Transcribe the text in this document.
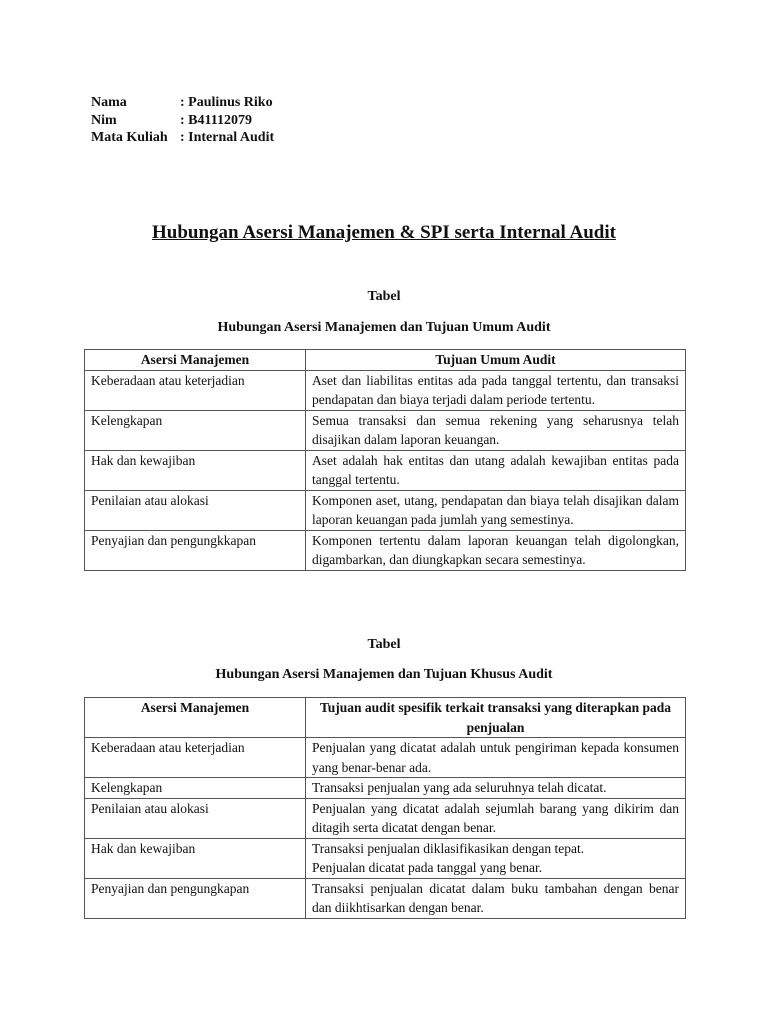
Nama	: Paulinus Riko
Nim	: B41112079
Mata Kuliah : Internal Audit
Hubungan Asersi Manajemen & SPI serta Internal Audit
Tabel
Hubungan Asersi Manajemen dan Tujuan Umum Audit
Asersi Manajemen	Tujuan Umum Audit
Keberadaan atau keterjadian	Aset dan liabilitas entitas ada pada tanggal tertentu, dan transaksi pendapatan dan biaya terjadi dalam periode tertentu.
Kelengkapan	Semua transaksi dan semua rekening yang seharusnya telah disajikan dalam laporan keuangan.
Hak dan kewajiban	Aset adalah hak entitas dan utang adalah kewajiban entitas pada tanggal tertentu.
Penilaian atau alokasi	Komponen aset, utang, pendapatan dan biaya telah disajikan dalam laporan keuangan pada jumlah yang semestinya.
Penyajian dan pengungkkapan	Komponen tertentu dalam laporan keuangan telah digolongkan, digambarkan, dan diungkapkan secara semestinya.
Tabel
Hubungan Asersi Manajemen dan Tujuan Khusus Audit
Asersi Manajemen	Tujuan audit spesifik terkait transaksi yang diterapkan pada penjualan
Keberadaan atau keterjadian	Penjualan yang dicatat adalah untuk pengiriman kepada konsumen yang benar-benar ada.

Kelengkapan	Transaksi penjualan yang ada seluruhnya telah dicatat.

Penilaian atau alokasi	Penjualan yang dicatat adalah sejumlah barang yang dikirim dan ditagih serta dicatat dengan benar.

Hak dan kewajiban	Transaksi penjualan diklasifikasikan dengan tepat.
Penjualan dicatat pada tanggal yang benar.

Penyajian dan pengungkapan	Transaksi penjualan dicatat dalam buku tambahan dengan benar dan diikhtisarkan dengan benar.
